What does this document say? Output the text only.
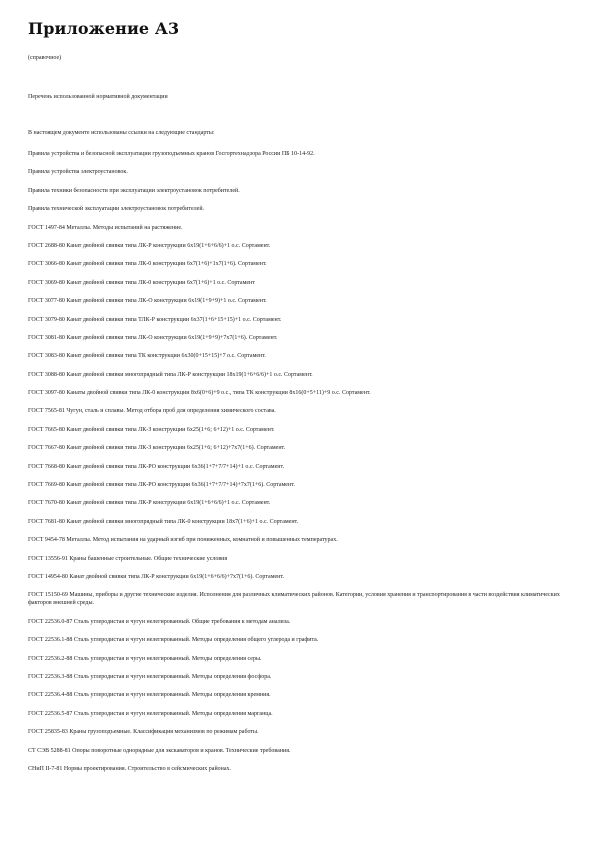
Приложение А3
(справочное)
Перечень использованной нормативной документации
В настоящем документе использованы ссылки на следующие стандарты:
Правила устройства и безопасной эксплуатации грузоподъемных кранов Госгортехнадзора России ПБ 10-14-92.
Правила устройства электроустановок.
Правила техники безопасности при эксплуатации электроустановок потребителей.
Правила технической эксплуатации электроустановок потребителей.
ГОСТ 1497-84 Металлы. Методы испытаний на растяжение.
ГОСТ 2688-80 Канат двойной свивки типа ЛК-Р конструкции 6х19(1+6+6/6)+1 о.с. Сортамент.
ГОСТ 3066-80 Канат двойной свивки типа ЛК-0 конструкции 6х7(1+6)+1х7(1+6). Сортамент.
ГОСТ 3069-80 Канат двойной свивки типа ЛК-0 конструкции 6х7(1+6)+1 о.с. Сортамент
ГОСТ 3077-80 Канат двойной свивки типа ЛК-О конструкции 6х19(1+9+9)+1 о.с. Сортамент.
ГОСТ 3079-80 Канат двойной свивки типа ТЛК-Р конструкции 6х37(1+6+15+15)+1 о.с. Сортамент.
ГОСТ 3081-80 Канат двойной свивки типа ЛК-О конструкции 6х19(1+9+9)+7х7(1+6). Сортамент.
ГОСТ 3083-80 Канат двойной свивки типа ТК конструкции 6х30(0+15+15)+7 о.с. Сортамент.
ГОСТ 3088-80 Канат двойной свивки многопрядный типа ЛК-Р конструкции 18х19(1+6+6/6)+1 о.с. Сортамент.
ГОСТ 3097-80 Канаты двойной свивки типа ЛК-0 конструкции 8х6(0+6)+9 о.с., типа ТК конструкции 8х16(0+5+11)+9 о.с. Сортамент.
ГОСТ 7565-81 Чугун, сталь и сплавы. Метод отбора проб для определения химического состава.
ГОСТ 7665-80 Канат двойной свивки типа ЛК-З конструкции 6х25(1+6; 6+12)+1 о.с. Сортамент.
ГОСТ 7667-80 Канат двойной свивки типа ЛК-З конструкции 6х25(1+6; 6+12)+7х7(1+6). Сортамент.
ГОСТ 7668-80 Канат двойной свивки типа ЛК-РО конструкции 6х36(1+7+7/7+14)+1 о.с. Сортамент.
ГОСТ 7669-80 Канат двойной свивки типа ЛК-РО конструкции 6х36(1+7+7/7+14)+7х7(1+6). Сортамент.
ГОСТ 7670-80 Канат двойной свивки типа ЛК-Р конструкции 6х19(1+6+6/6)+1 о.с. Сортамент.
ГОСТ 7681-80 Канат двойной свивки многопрядный типа ЛК-0 конструкции 18х7(1+6)+1 о.с. Сортамент.
ГОСТ 9454-78 Металлы. Метод испытания на ударный изгиб при пониженных, комнатной и повышенных температурах.
ГОСТ 13556-91 Краны башенные строительные. Общие технические условия
ГОСТ 14954-80 Канат двойной свивки типа ЛК-Р конструкции 6х19(1+6+6/6)+7х7(1+6). Сортамент.
ГОСТ 15150-69 Машины, приборы и другие технические изделия. Исполнения для различных климатических районов. Категории, условия хранения и транспортирования в части воздействия климатических факторов внешней среды.
ГОСТ 22536.0-87 Сталь углеродистая и чугун нелегированный. Общие требования к методам анализа.
ГОСТ 22536.1-88 Сталь углеродистая и чугун нелегированный. Методы определения общего углерода и графита.
ГОСТ 22536.2-88 Сталь углеродистая и чугун нелегированный. Методы определения серы.
ГОСТ 22536.3-88 Сталь углеродистая и чугун нелегированный. Методы определения фосфора.
ГОСТ 22536.4-88 Сталь углеродистая и чугун нелегированный. Методы определения кремния.
ГОСТ 22536.5-87 Сталь углеродистая и чугун нелегированный. Методы определения марганца.
ГОСТ 25835-83 Краны грузоподъемные. Классификация механизмов по режимам работы.
СТ СЭВ 5288-81 Опоры поворотные однорядные для экскаваторов и кранов. Технические требования.
СНиП II-7-81 Нормы проектирования. Строительство в сейсмических районах.
